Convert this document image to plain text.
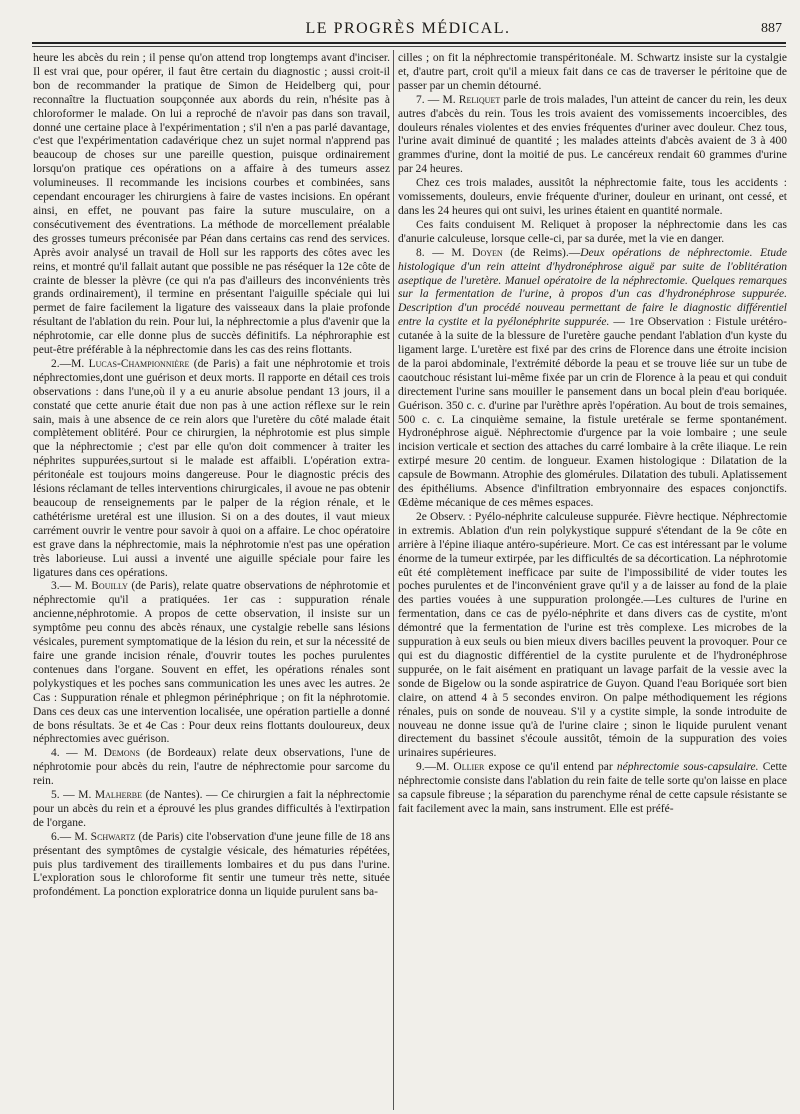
LE PROGRÈS MÉDICAL.	887

heure les abcès du rein ; il pense qu'on attend trop longtemps avant d'inciser. Il est vrai que, pour opérer, il faut être certain du diagnostic ; aussi croit-il bon de recommander la pratique de Simon de Heidelberg qui, pour reconnaître la fluctuation soupçonnée aux abords du rein, n'hésite pas à chloroformer le malade. On lui a reproché de n'avoir pas dans son travail, donné une certaine place à l'expérimentation ; s'il n'en a pas parlé davantage, c'est que l'expérimentation cadavérique chez un sujet normal n'apprend pas beaucoup de choses sur une pareille question, puisque ordinairement lorsqu'on pratique ces opérations on a affaire à des tumeurs assez volumineuses. Il recommande les incisions courbes et combinées, sans cependant encourager les chirurgiens à faire de vastes incisions. En opérant ainsi, en effet, ne pouvant pas faire la suture musculaire, on a consécutivement des éventrations. La méthode de morcellement préalable des grosses tumeurs préconisée par Péan dans certains cas rend des services. Après avoir analysé un travail de Holl sur les rapports des côtes avec les reins, et montré qu'il fallait autant que possible ne pas réséquer la 12e côte de crainte de blesser la plèvre (ce qui n'a pas d'ailleurs des inconvénients très grands ordinairement), il termine en présentant l'aiguille spéciale qui lui permet de faire facilement la ligature des vaisseaux dans la plaie profonde résultant de l'ablation du rein. Pour lui, la néphrectomie a plus d'avenir que la néphrotomie, car elle donne plus de succès définitifs. La néphroraphie est peut-être préférable à la néphrectomie dans les cas des reins flottants.

2.—M. Lucas-Championnière (de Paris) a fait une néphrotomie et trois néphrectomies,dont une guérison et deux morts. Il rapporte en détail ces trois observations : dans l'une,où il y a eu anurie absolue pendant 13 jours, il a constaté que cette anurie était due non pas à une action réflexe sur le rein sain, mais à une absence de ce rein alors que l'uretère du côté malade était complètement oblitéré. Pour ce chirurgien, la néphrotomie est plus simple que la néphrectomie ; c'est par elle qu'on doit commencer à traiter les néphrites suppurées,surtout si le malade est affaibli. L'opération extra-péritonéale est toujours moins dangereuse. Pour le diagnostic précis des lésions réclamant de telles interventions chirurgicales, il avoue ne pas obtenir beaucoup de renseignements par le palper de la région rénale, et le cathétérisme uretéral est une illusion. Si on a des doutes, il vaut mieux carrément ouvrir le ventre pour savoir à quoi on a affaire. Le choc opératoire est grave dans la néphrectomie, mais la néphrotomie n'est pas une opération très laborieuse. Lui aussi a inventé une aiguille spéciale pour faire les ligatures dans ces opérations.

3.— M. Bouilly (de Paris), relate quatre observations de néphrotomie et néphrectomie qu'il a pratiquées. 1er cas : suppuration rénale ancienne,néphrotomie. A propos de cette observation, il insiste sur un symptôme peu connu des abcès rénaux, une cystalgie rebelle sans lésions vésicales, purement symptomatique de la lésion du rein, et sur la nécessité de faire une grande incision rénale, d'ouvrir toutes les poches purulentes contenues dans l'organe. Souvent en effet, les opérations rénales sont polykystiques et les poches sans communication les unes avec les autres. 2e Cas : Suppuration rénale et phlegmon périnéphrique ; on fit la néphrotomie. Dans ces deux cas une intervention localisée, une opération partielle a donné de bons résultats. 3e et 4e Cas : Pour deux reins flottants douloureux, deux néphrectomies avec guérison.

4. — M. Demons (de Bordeaux) relate deux observations, l'une de néphrotomie pour abcès du rein, l'autre de néphrectomie pour sarcome du rein.

5. — M. Malherbe (de Nantes). — Ce chirurgien a fait la néphrectomie pour un abcès du rein et a éprouvé les plus grandes difficultés à l'extirpation de l'organe.

6.— M. Schwartz (de Paris) cite l'observation d'une jeune fille de 18 ans présentant des symptômes de cystalgie vésicale, des hématuries répétées, puis plus tardivement des tiraillements lombaires et du pus dans l'urine. L'exploration sous le chloroforme fit sentir une tumeur très nette, située profondément. La ponction exploratrice donna un liquide purulent sans ba-

cilles ; on fit la néphrectomie transpéritonéale. M. Schwartz insiste sur la cystalgie et, d'autre part, croit qu'il a mieux fait dans ce cas de traverser le péritoine que de passer par un chemin détourné.

7. — M. Reliquet parle de trois malades, l'un atteint de cancer du rein, les deux autres d'abcès du rein. Tous les trois avaient des vomissements incoercibles, des douleurs rénales violentes et des envies fréquentes d'uriner avec douleur. Chez tous, l'urine avait diminué de quantité ; les malades atteints d'abcès avaient de 3 à 400 grammes d'urine, dont la moitié de pus. Le cancéreux rendait 60 grammes d'urine par 24 heures.

Chez ces trois malades, aussitôt la néphrectomie faite, tous les accidents : vomissements, douleurs, envie fréquente d'uriner, douleur en urinant, ont cessé, et dans les 24 heures qui ont suivi, les urines étaient en quantité normale.

Ces faits conduisent M. Reliquet à proposer la néphrectomie dans les cas d'anurie calculeuse, lorsque celle-ci, par sa durée, met la vie en danger.

8. — M. Doyen (de Reims).—Deux opérations de néphrectomie. Etude histologique d'un rein atteint d'hydronéphrose aiguë par suite de l'oblitération aseptique de l'uretère. Manuel opératoire de la néphrectomie. Quelques remarques sur la fermentation de l'urine, à propos d'un cas d'hydronéphrose suppurée. Description d'un procédé nouveau permettant de faire le diagnostic différentiel entre la cystite et la pyélonéphrite suppurée. — 1re Observation : Fistule urétéro-cutanée à la suite de la blessure de l'uretère gauche pendant l'ablation d'un kyste du ligament large. L'uretère est fixé par des crins de Florence dans une étroite incision de la paroi abdominale, l'extrémité déborde la peau et se trouve liée sur un tube de caoutchouc résistant lui-même fixée par un crin de Florence à la peau et qui conduit directement l'urine sans mouiller le pansement dans un bocal plein d'eau boriquée. Guérison. 350 c. c. d'urine par l'urèthre après l'opération. Au bout de trois semaines, 500 c. c. La cinquième semaine, la fistule uretérale se ferme spontanément. Hydronéphrose aiguë. Néphrectomie d'urgence par la voie lombaire ; une seule incision verticale et section des attaches du carré lombaire à la crête iliaque. Le rein extirpé mesure 20 centim. de longueur. Examen histologique : Dilatation de la capsule de Bowmann. Atrophie des glomérules. Dilatation des tubuli. Aplatissement des épithéliums. Absence d'infiltration embryonnaire des espaces conjonctifs. Œdème mécanique de ces mêmes espaces.

2e Observ. : Pyélo-néphrite calculeuse suppurée. Fièvre hectique. Néphrectomie in extremis. Ablation d'un rein polykystique suppuré s'étendant de la 9e côte en arrière à l'épine iliaque antéro-supérieure. Mort. Ce cas est intéressant par le volume énorme de la tumeur extirpée, par les difficultés de sa décortication. La néphrotomie eût été complètement inefficace par suite de l'impossibilité de vider toutes les poches purulentes et de l'inconvénient grave qu'il y a de laisser au fond de la plaie des parties vouées à une suppuration prolongée.—Les cultures de l'urine en fermentation, dans ce cas de pyélo-néphrite et dans divers cas de cystite, m'ont démontré que la fermentation de l'urine est très complexe. Les microbes de la suppuration à eux seuls ou bien mieux divers bacilles peuvent la provoquer. Pour ce qui est du diagnostic différentiel de la cystite purulente et de l'hydronéphrose suppurée, on le fait aisément en pratiquant un lavage parfait de la vessie avec la sonde de Bigelow ou la sonde aspiratrice de Guyon. Quand l'eau Boriquée sort bien claire, on attend 4 à 5 secondes environ. On palpe méthodiquement les régions rénales, puis on sonde de nouveau. S'il y a cystite simple, la sonde introduite de nouveau ne donne issue qu'à de l'urine claire ; sinon le liquide purulent venant directement du bassinet s'écoule aussitôt, témoin de la suppuration des voies urinaires supérieures.

9.—M. Ollier expose ce qu'il entend par néphrectomie sous-capsulaire. Cette néphrectomie consiste dans l'ablation du rein faite de telle sorte qu'on laisse en place sa capsule fibreuse ; la séparation du parenchyme rénal de cette capsule résistante se fait facilement avec la main, sans instrument. Elle est préfé-
